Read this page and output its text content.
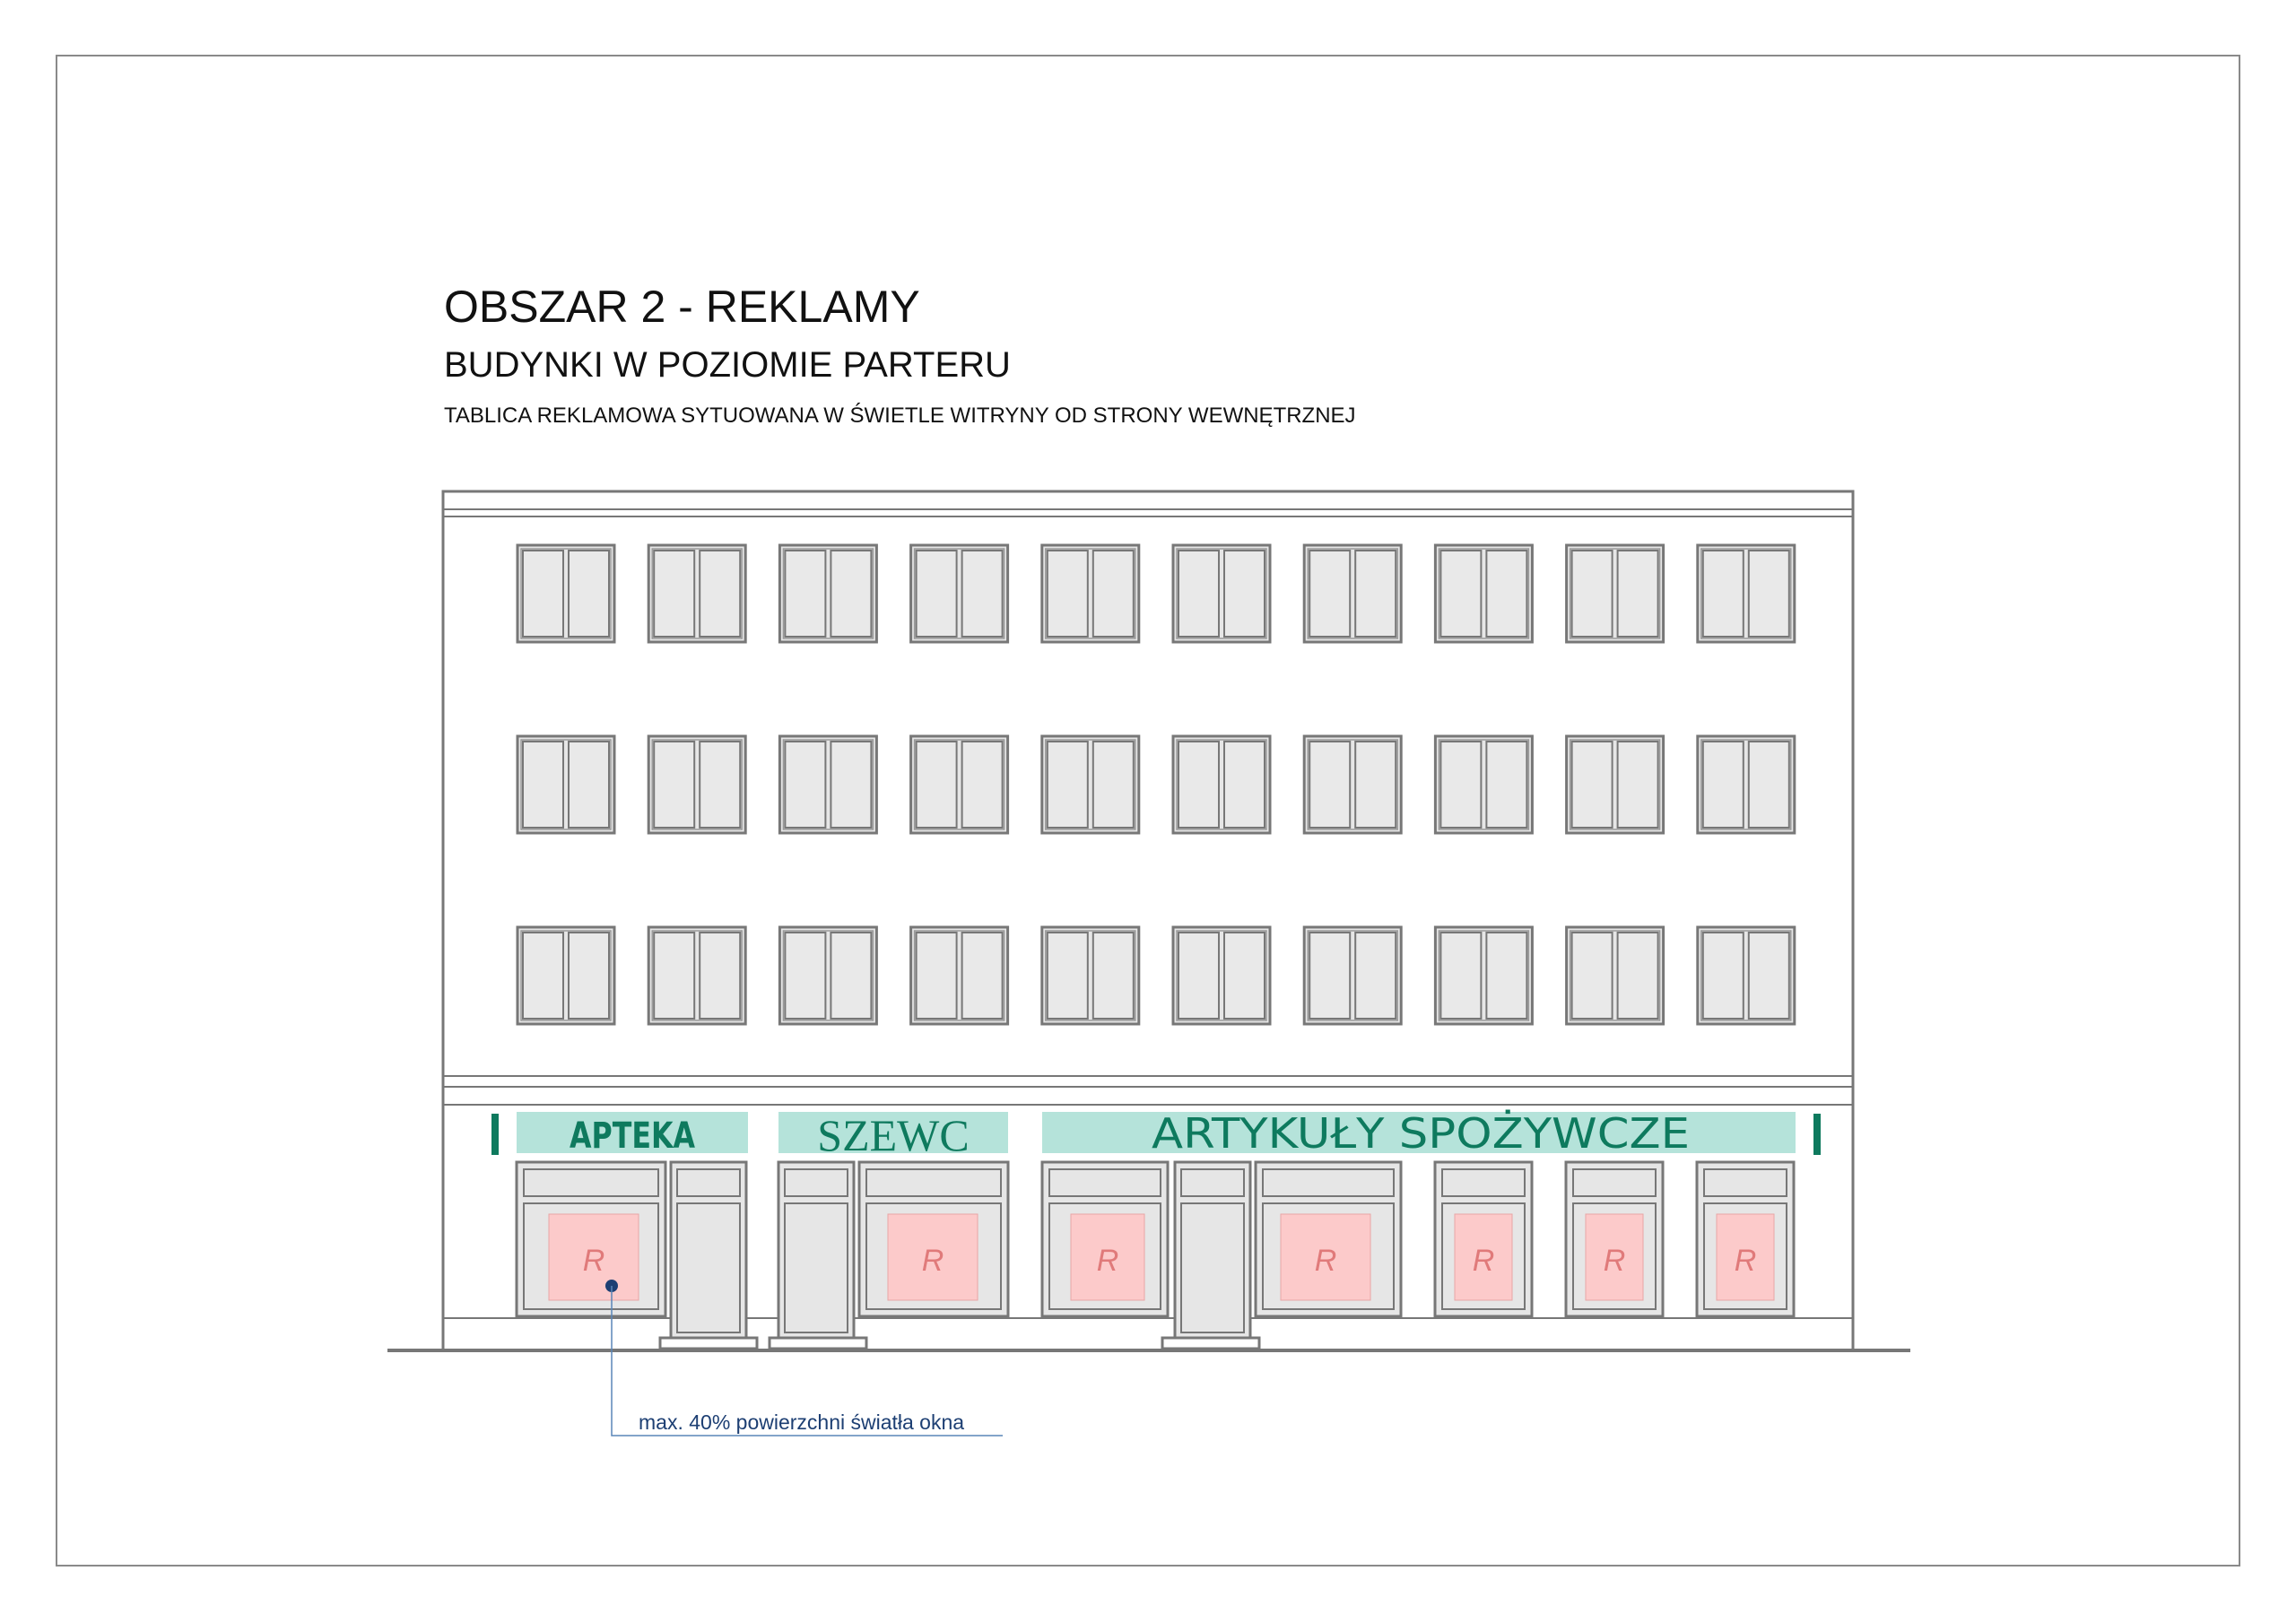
OBSZAR 2 - REKLAMY
BUDYNKI W POZIOMIE PARTERU
TABLICA REKLAMOWA SYTUOWANA W ŚWIETLE WITRYNY OD STRONY WEWNĘTRZNEJ
APTEKA	SZEWC	ARTYKUŁY SPOŻYWCZE
R	R	R	R	R	R	R
max. 40% powierzchni światła okna
